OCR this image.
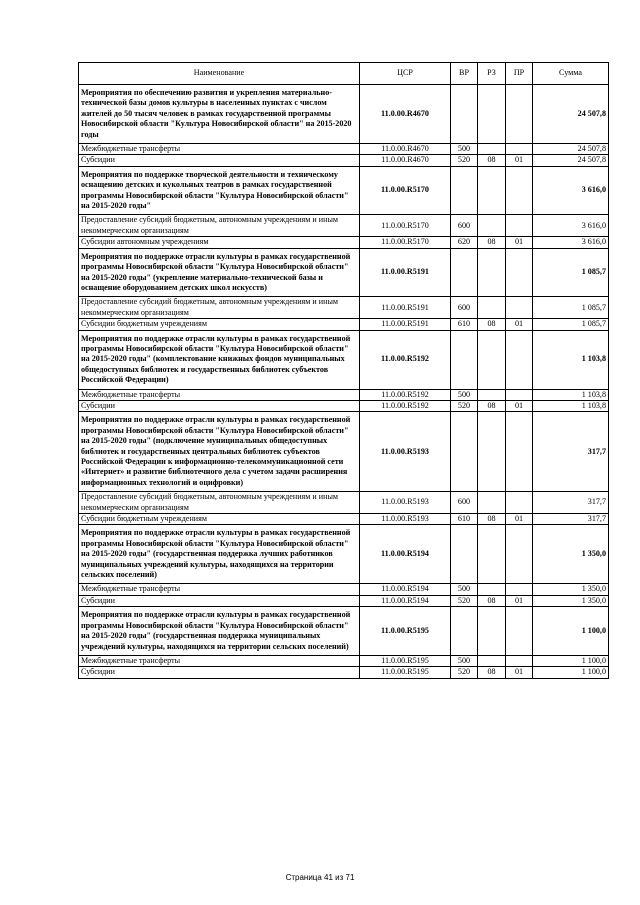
Наименование	ЦСР	ВР	РЗ	ПР	Сумма
Мероприятия по обеспечению развития и укрепления материально-технической базы домов культуры в населенных пунктах с числом жителей до 50 тысяч человек в рамках государственной программы Новосибирской области "Культура Новосибирской области" на 2015-2020 годы	11.0.00.R4670				24 507,8
Межбюджетные трансферты	11.0.00.R4670	500			24 507,8
Субсидии	11.0.00.R4670	520	08	01	24 507,8
Мероприятия по поддержке творческой деятельности и техническому оснащению детских и кукольных театров в рамках государственной программы Новосибирской области "Культура Новосибирской области" на 2015-2020 годы"	11.0.00.R5170				3 616,0
Предоставление субсидий бюджетным, автономным учреждениям и иным некоммерческим организациям	11.0.00.R5170	600			3 616,0
Субсидии автономным учреждениям	11.0.00.R5170	620	08	01	3 616,0
Мероприятия по поддержке отрасли культуры в рамках государственной программы Новосибирской области "Культура Новосибирской области" на 2015-2020 годы" (укрепление материально-технической базы и оснащение оборудованием детских школ искусств)	11.0.00.R5191				1 085,7
Предоставление субсидий бюджетным, автономным учреждениям и иным некоммерческим организациям	11.0.00.R5191	600			1 085,7
Субсидии бюджетным учреждениям	11.0.00.R5191	610	08	01	1 085,7
Мероприятия по поддержке отрасли культуры в рамках государственной программы Новосибирской области "Культура Новосибирской области" на 2015-2020 годы" (комплектование книжных фондов муниципальных общедоступных библиотек и государственных библиотек субъектов Российской Федерации)	11.0.00.R5192				1 103,8
Межбюджетные трансферты	11.0.00.R5192	500			1 103,8
Субсидии	11.0.00.R5192	520	08	01	1 103,8
Мероприятия по поддержке отрасли культуры в рамках государственной программы Новосибирской области "Культура Новосибирской области" на 2015-2020 годы" (подключение муниципальных общедоступных библиотек и государственных центральных библиотек субъектов Российской Федерации к информационно-телекоммуникационной сети «Интернет» и развитие библиотечного дела с учетом задачи расширения информационных технологий и оцифровки)	11.0.00.R5193				317,7
Предоставление субсидий бюджетным, автономным учреждениям и иным некоммерческим организациям	11.0.00.R5193	600			317,7
Субсидии бюджетным учреждениям	11.0.00.R5193	610	08	01	317,7
Мероприятия по поддержке отрасли культуры в рамках государственной программы Новосибирской области "Культура Новосибирской области" на 2015-2020 годы" (государственная поддержка лучших работников муниципальных учреждений культуры, находящихся на территории сельских поселений)	11.0.00.R5194				1 350,0
Межбюджетные трансферты	11.0.00.R5194	500			1 350,0
Субсидии	11.0.00.R5194	520	08	01	1 350,0
Мероприятия по поддержке отрасли культуры в рамках государственной программы Новосибирской области "Культура Новосибирской области" на 2015-2020 годы" (государственная поддержка муниципальных учреждений культуры, находящихся на территории сельских поселений)	11.0.00.R5195				1 100,0
Межбюджетные трансферты	11.0.00.R5195	500			1 100,0
Субсидии	11.0.00.R5195	520	08	01	1 100,0
Страница 41 из 71
